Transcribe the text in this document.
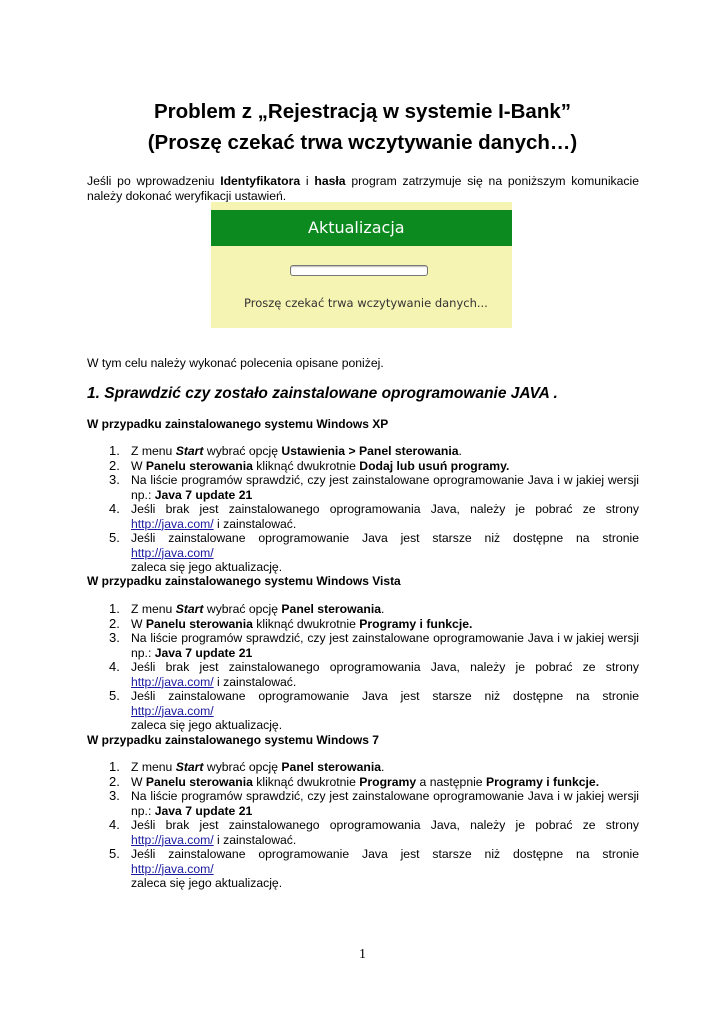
Problem z „Rejestracją w systemie I-Bank”
(Proszę czekać trwa wczytywanie danych…)
Jeśli po wprowadzeniu Identyfikatora i hasła program zatrzymuje się na poniższym komunikacie
należy dokonać weryfikacji ustawień.
Aktualizacja
Proszę czekać trwa wczytywanie danych...
W tym celu należy wykonać polecenia opisane poniżej.
1. Sprawdzić czy zostało zainstalowane oprogramowanie JAVA .
W przypadku zainstalowanego systemu Windows XP
1. Z menu Start wybrać opcję Ustawienia > Panel sterowania.
2. W Panelu sterowania kliknąć dwukrotnie Dodaj lub usuń programy.
3. Na liście programów sprawdzić, czy jest zainstalowane oprogramowanie Java i w jakiej wersji
np.: Java 7 update 21
4. Jeśli brak jest zainstalowanego oprogramowania Java, należy je pobrać ze strony
http://java.com/ i zainstalować.
5. Jeśli zainstalowane oprogramowanie Java jest starsze niż dostępne na stronie http://java.com/
zaleca się jego aktualizację.
W przypadku zainstalowanego systemu Windows Vista
1. Z menu Start wybrać opcję Panel sterowania.
2. W Panelu sterowania kliknąć dwukrotnie Programy i funkcje.
3. Na liście programów sprawdzić, czy jest zainstalowane oprogramowanie Java i w jakiej wersji
np.: Java 7 update 21
4. Jeśli brak jest zainstalowanego oprogramowania Java, należy je pobrać ze strony
http://java.com/ i zainstalować.
5. Jeśli zainstalowane oprogramowanie Java jest starsze niż dostępne na stronie http://java.com/
zaleca się jego aktualizację.
W przypadku zainstalowanego systemu Windows 7
1. Z menu Start wybrać opcję Panel sterowania.
2. W Panelu sterowania kliknąć dwukrotnie Programy a następnie Programy i funkcje.
3. Na liście programów sprawdzić, czy jest zainstalowane oprogramowanie Java i w jakiej wersji
np.: Java 7 update 21
4. Jeśli brak jest zainstalowanego oprogramowania Java, należy je pobrać ze strony
http://java.com/ i zainstalować.
5. Jeśli zainstalowane oprogramowanie Java jest starsze niż dostępne na stronie http://java.com/
zaleca się jego aktualizację.
1
